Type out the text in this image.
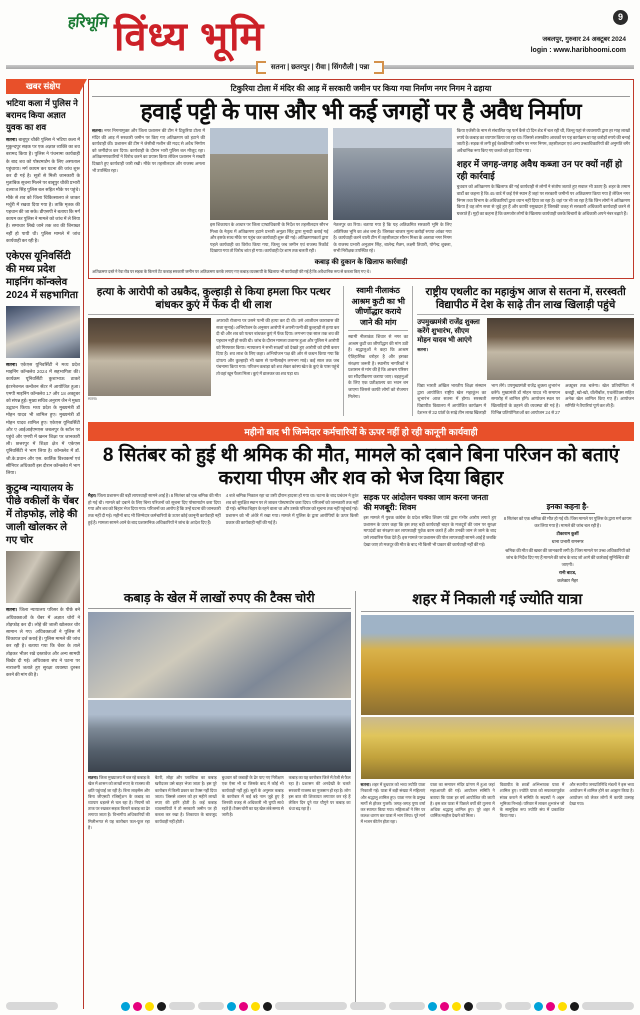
हरिभूमि विंध्य भूमि	9
जबलपुर, गुरुवार 24 अक्टूबर 2024
login : www.haribhoomi.com
सतना | छतरपुर | रीवा | सिंगरौली | पन्ना
खबर संक्षेप
भटिया कला में पुलिस ने बरामद किया अज्ञात युवक का शव
सतना। बाबूपुर चौकी पुलिस ने भटिया कला में मुकुन्दपुर सड़क पर एक अज्ञात व्यक्ति का शव बरामद किया है। पुलिस ने पंचनामा कार्यवाही के बाद शव को पोस्टमार्टम के लिए अस्पताल पहुंचाया। मर्ग कायम कर घटना की जांच शुरू कर दी गई है। सूत्रों से मिली जानकारी के मुताबिक सूचना मिलने पर बाबूपुर चौकी प्रभारी दलराज सिंह पुलिस बल सहित मौके पर पहुंचे। मौके से शव को जिला चिकित्सालय ले जाकर मर्चुरी में रखवा दिया गया है। ताकि मृतक की पहचान की जा सके। डीएसपी ने बताया कि मर्ग कायम कर पुलिस ने मामले को जांच में ले लिया है। समाचार लिखे जाने तक शव की शिनाख्त नहीं हो पायी थी। पुलिस मामले में जांच कार्यवाही कर रही है।
एकेएस यूनिवर्सिटी की मध्य प्रदेश माइनिंग कॉन्क्लेव 2024 में सहभागिता
सतना। एकेएस यूनिवर्सिटी ने मध्य प्रदेश माइनिंग कॉन्क्लेव 2024 में सहभागिता की। कार्यक्रम यूनिवर्सिटी कुशाभाऊ ठाकरे इंटरनेशनल कन्वेंशन सेंटर में आयोजित हुआ। एमपी माइनिंग कॉन्क्लेव 17 और 18 अक्टूबर को संपन्न हुई। मुख्य सचिव अनुराग जैन ने मुख्य उद्घाटन किया। मध्य प्रदेश के मुख्यमंत्री डॉ मोहन यादव भी शामिल हुए। मुख्यमंत्री डॉ मोहन यादव शामिल हुए। एकेएस यूनिवर्सिटी और ए आईआईएमएस जबलपुर के स्टॉल पर पहुंचे और एमपी में खनन शिक्षा पर जानकारी ली। छत्तरपुर में शिक्षा क्षेत्र में एकेएस यूनिवर्सिटी ने भाग लिया है। कॉन्क्लेव में डॉ. जी.के.प्रधान और एस. कार्तिक विश्वकर्मा एवं सीनियर अधिकारी इस दौरान कॉन्क्लेव में भाग लिया।
कुटुम्ब न्यायालय के पीछे वकीलों के चेंबर में तोड़फोड़, लोहे की जाली खोलकर ले गए चोर
सतना। जिला न्यायालय परिसर के पीछे बने अधिवक्ताओं के चेंबर में अज्ञात चोरों ने तोड़फोड़ कर दी। लोहे की जाली खोलकर चोर सामान ले गए। अधिवक्ताओं ने पुलिस में शिकायत दर्ज कराई है। पुलिस मामले की जांच कर रही है। बताया गया कि चेंबर के ताले तोड़कर भीतर रखे दस्तावेज और अन्य सामग्री बिखेर दी गई। अधिवक्ता संघ ने घटना पर नाराजगी जताते हुए सुरक्षा व्यवस्था दुरुस्त करने की मांग की है।
टिकुरिया टोला में मंदिर की आड़ में सरकारी जमीन पर किया गया निर्माण नगर निगम ने ढहाया
हवाई पट्टी के पास और भी कई जगहों पर है अवैध निर्माण
सतना। नगर निगमामुक्त और जिला प्रशासन की टीम ने टिकुरिया टोला में मंदिर की आड़ में सरकारी जमीन पर किए गए अतिक्रमण को हटाने की कार्यवाही की। प्रशासन की टीम ने जेसीबी मशीन की मदद से अवैध निर्माण को जमींदोज कर दिया। कार्यवाही के दौरान भारी पुलिस बल मौजूद रहा। अतिक्रमणकारियों ने विरोध करने का प्रयास किया लेकिन प्रशासन ने सख्ती दिखाते हुए कार्यवाही जारी रखी। मौके पर तहसीलदार और राजस्व अमला भी उपस्थित रहा।
इस शिकायत के आधार पर जिला दण्डाधिकारी के निर्देश पर तहसीलदार सौरभ मिश्रा के नेतृत्व में अतिक्रमण हटाने प्रभारी अनुज्ञा सिंह द्वारा मुनादी कराई गई और इसके साथ मौके पर पहुंच कर कार्यवाही शुरू की गई। अतिक्रमणकर्ता द्वारा पहले कार्यवाही का विरोध किया गया, किन्तु जब जमीन एवं राजस्व रिकॉर्ड दिखाया गया तो विरोध शांत हो गया। कार्यवाही देर शाम तक चलती रही।
नेतलपुर का रिया। बताया गया है कि यह अतिक्रमित सरकारी भूमि के लिए अतिरिक्त भूमि का अंश बना है। जिसका बाजार मूल्य करोड़ों रुपया आंका गया है। कार्यवाही करने वाली टीम में तहसीलदार सौरभ मिश्रा के अलावा नगर निगम के राजस्व प्रभारी अनुज्ञान सिंह, बालेन्द्र मैत्रम, लक्ष्मी तिवारी, योगेन्द्र शुक्ला, सभी निरीक्षक उपस्थित रहे।
किया एजेंसी के नाम से संचालित यह फर्म कैसे दो दिन शेड में चल रही थी, किन्तु यहां से व्यवसायी द्वारा हर माह लाखों रुपये के कबाड़ का व्यापार किया जा रहा था। जिससे शासकीय आवकों पर यह कार्यक्रम था यह करोड़ों रुपये की बनाई जाती है। सड़क से लगी हुई बेशकीमती जमीन पर नगर निगम, तहसीलदार एवं अन्य उच्चाधिकारियों की अनुमति बगैर अवैधानिक रूप किए गए कब्जे को हटा दिया गया।
शहर में जगह-जगह अवैध कब्जा उन पर क्यों नहीं हो रही कार्रवाई
बुधवार को अतिक्रमण के खिलाफ की गई कार्यवाही से लोगों ने संतोष जताते हुए सवाल भी उठाए हैं। शहर के तमाम वार्डों का कहना है कि 45 वार्ड में कई ऐसे स्थान हैं जहां पर सरकारी जमीनों पर अतिक्रमण किया गया है लेकिन नगर निगम तथा विभाग के अधिकारियों द्वारा ध्यान नहीं दिया जा रहा है। वहां पर भी जा रहा है कि जिन लोगों ने अतिक्रमण किया है वह लोग सत्ता से जुड़े हुए हैं और काफी रसूखदार है जिसकी वजह से सरकारी अधिकारी कार्यवाही करने से घबराते हैं। मुद्दों का कहना है कि कमजोर लोगों के खिलाफ कार्यवाही करके बिचारों के अधिकारी अपने नंबर बढ़ाते हैं।
कबाड़ की दुकान के खिलाफ कार्रवाही
अतिक्रमण दस्ते ने रेवा रोड पर सड़क के किनारे टेंट कबाड़ सरकारी जमीन पर अतिक्रमण करके लगाए गए कबाड़ व्यवसायी के खिलाफ भी कार्यवाही की गई है कि अवैधानिक रूप से कब्जा किए गए थे।
हत्या के आरोपी को उम्रकैद, कुल्हाड़ी से किया हमला फिर पत्थर बांधकर कुएं में फेंक दी थी लाश
सतना।
अपराधी रोजाना पर उसने पत्नी की हत्या कर दी थी। उसे आजीवन कारावास की सजा सुनाई। अभियोजन के अनुसार आरोपी ने अपनी पत्नी की कुल्हाड़ी से हत्या कर दी थी और शव को पत्थर बांधकर कुएं में फेंक दिया। लगभग एक साल तक शव की पहचान नहीं हो सकी थी। जांच के दौरान मामला उजागर हुआ और पुलिस ने आरोपी को गिरफ्तार किया। न्यायालय ने सभी साक्ष्यों को देखते हुए आरोपी को दोषी करार दिया है। शव लाश के लिए कहा। अभियोजन पक्ष की ओर से कथन किया गया कि दांपत्य और कुल्हाड़ी भी खास से पत्नीलाईम लगभग माड़े। कई साल तक जब पंचनामा किया गया। परिजन कबाड़ा को शव लेकर कांस्य खेत के कुएं के पास पहुंचे तो वहां खून फैला मिला। कुएं में डालकर का शव पड़ा था।
स्वामी नीलाकंठ आश्रम कुटी का भी जीर्णोद्धार कराये जाने की मांग
स्वामी नीलाकंठ शिवार से नगर का आश्रम कुटी का जीर्णोद्धार की मांग उठी है। श्रद्धालुओं ने कहा कि आश्रम ऐतिहासिक धरोहर है और इसका संरक्षण जरूरी है। स्थानीय नागरिकों ने प्रशासन से मांग की है कि आश्रम परिसर का सौंदर्यीकरण कराया जाए। बड़हनुओं के लिए एक प्रतीक्षालय का भवन बन जाएगा जिससे काफी लोगों को रोजगार मिलेगा।
राष्ट्रीय एथलीट का महाकुंभ आज से सतना में, सरस्वती विद्यापीठ में देश के साढ़े तीन लाख खिलाड़ी पहुंचे
उपमुख्यमंत्री राजेंद्र शुक्ला करेंगे शुभारंभ, सीएम मोहन यादव भी आएंगे
सतना।
विद्या भारती अखिल भारतीय शिक्षा संस्थान द्वारा आयोजित राष्ट्रीय खेल महाकुंभ का शुभारंभ आज सतना में होगा। सरस्वती विद्यापीठ विद्यालय में आयोजित कार्यक्रम में देशभर से 32 प्रांतों के साढ़े तीन लाख खिलाड़ी भाग लेंगे। उपमुख्यमंत्री राजेंद्र शुक्ला शुभारंभ करेंगे। मुख्यमंत्री डॉ मोहन यादव भी समापन समारोह में शामिल होंगे। आयोजन स्थल पर खिलाड़ियों के ठहरने की व्यवस्था की गई है। विभिन्न प्रतियोगिताओं का आयोजन 24 से 27 अक्टूबर तक चलेगा। खेल प्रतियोगिता में कबड्डी, खो-खो, वॉलीबॉल, एथलेटिक्स सहित अनेक खेल शामिल किए गए हैं। आयोजन समिति ने तैयारियां पूर्ण कर ली हैं।
महीनो बाद भी जिम्मेदार कर्मचारियों के ऊपर नहीं हो रही कानूनी कार्यवाही
8 सितंबर को हुई थी श्रमिक की मौत, मामले को दबाने बिना परिजन को बताएं कराया पीएम और शव को भेज दिया बिहार
मैहर। जिला प्रशासन की बड़ी लापरवाही सामने आई है। 8 सितंबर को एक श्रमिक की मौत हो गई थी। मामले को दबाने के लिए बिना परिजनों को सूचना दिए पोस्टमार्टम करा दिया गया और शव को बिहार भेज दिया गया। परिजनों का आरोप है कि उन्हें घटना की जानकारी तक नहीं दी गई। महीनों बाद भी जिम्मेदार कर्मचारियों के ऊपर कोई कानूनी कार्यवाही नहीं हुई है। मामला सामने आने के बाद प्रशासनिक अधिकारियों ने जांच के आदेश दिए हैं।
4 बजे श्रमिक निकाल रहा था उसी दौरान हादसा हो गया था। घटना के बाद प्रबंधन ने तुरंत शव को सुरक्षित स्थान पर ले जाकर पोस्टमार्टम करा दिया। परिजनों को जानकारी तक नहीं दी गई। श्रमिक बिहार के रहने वाला था और उसके परिवार को सूचना तक नहीं पहुंचाई गई। प्रशासन को भी अंधेरे में रखा गया। मामले में पुलिस के द्वारा आरोपियों के ऊपर किसी प्रकार की कार्यवाही नहीं की गई है।
सड़क पर आंदोलन चक्का जाम करना जनता की मजबूरी: शिवम
इस मामले में युवक कांग्रेस के प्रदेश सचिव शिवम पांडे द्वारा गंभीर आरोप लगाते हुए प्रशासन के ऊपर कहा कि इस तरह बड़ी कार्यवाही बाहर के मजदूरों की जान पर सुरक्षा मापदंडों का संरक्षण कर लापरवाही पूर्वक काम करते हैं और उनकी जान ले जाने के बाद उसे लावारिस फेंक देते हैं। इस मामले पर प्रशासन की पोल लापरवाही सामने आई है जबकि देखा जाए तो मजदूर की मौत के बाद भी किसी भी प्रकार की कार्यवाही नहीं की गई।
इनका कहना है-
8 सितंबर को एक श्रमिक की मौत हो गई थी। जिस मामले पर पुलिस के द्वारा मर्ग कायम कर लिया गया है। मामले की जांच चल रही है।
टीकाराम कुशीं
थाना प्रभारी रामनगर
श्रमिक की मौत की खबर की जानकारी लगी है। जिस मामले पर उच्च अधिकारियों को जांच के निर्देश दिए गए हैं मामले की जांच के बाद जो आगे की कार्रवाई सुनिश्चित की जाएगी।
रानी बाटड,
कलेक्टर मैहर
कबाड़ के खेल में लाखों रुपए की टैक्स चोरी
सतना। जिला मुख्यालय में चल रहे कबाड़ के खेल में शासन को लाखों रुपए के राजस्व की क्षति पहुंचाई जा रही है। बिना लाइसेंस और बिना जीएसटी रजिस्ट्रेशन के कबाड़ का व्यापार धड़ल्ले से चल रहा है। नियमों को ताक पर रखकर सड़क किनारे कबाड़ का ढेर लगाया जाता है। विभागीय अधिकारियों की मिलीभगत से यह कारोबार फल-फूल रहा है।
बैटरी, लोहा और प्लास्टिक का कबाड़ खरीदकर उसे बाहर भेजा जाता है। इस पूरे कारोबार में किसी प्रकार का टैक्स नहीं दिया जाता। जिससे शासन को हर महीने लाखों रुपए की हानि होती है। कई कबाड़ व्यवसायियों ने तो सरकारी जमीन पर ही कब्जा कर रखा है। शिकायत के बावजूद कार्यवाही नहीं होती।
बुधवार को कबाड़ी के ढेर पाए गए निरीक्षण एक ऐसा भी था जिसके बाद में कोई भी कार्यवाही नहीं हुई। सूत्रों के अनुसार कबाड़ के कारोबार में कई बड़े नाम जुड़े हुए हैं जिनकी वजह से अधिकारी भी चुप्पी साधे रहते हैं। टैक्स चोरी का यह खेल लंबे समय से जारी है।
कबाड़ का यह कारोबार जिले में तेजी से फैल रहा है। प्रशासन की अनदेखी के चलते सरकारी राजस्व का नुकसान हो रहा है। लोग इस बात की शिकायत लगातार कर रहे हैं लेकिन दिन दूने रात चौगुने पर कबाड़ का धंधा बढ़ रहा है।
शहर में निकाली गई ज्योति यात्रा
सतना। शहर में बुधवार को भव्य ज्योति यात्रा निकाली गई। यात्रा में बड़ी संख्या में महिलाएं और श्रद्धालु शामिल हुए। यात्रा नगर के प्रमुख मार्गों से होकर गुजरी। जगह-जगह पुष्प वर्षा कर स्वागत किया गया। महिलाओं ने सिर पर कलश धारण कर यात्रा में भाग लिया। पूरे मार्ग में भजन कीर्तन होता रहा।
यात्रा का समापन मंदिर प्रांगण में हुआ जहां महाआरती की गई। आयोजन समिति ने बताया कि यात्रा हर वर्ष आयोजित की जाती है। इस बार यात्रा में पिछले वर्षों की तुलना में अधिक श्रद्धालु शामिल हुए। पूरे शहर में धार्मिक माहौल देखने को मिला।
विद्यापीठ के छात्रों अभिभावक यात्रा में शामिल हुए। ज्योति यात्रा को सफलतापूर्वक संपन्न कराने में समिति के सदस्यों ने अहम भूमिका निभाई। परिवार में लाकर शुभारंभ जो के सामूहिक रूप ज्योति संघ में प्रकाशित किया गया।
और स्थानीय जनप्रतिनिधि मंडलों ने इस भव्य आयोजन में शामिल होने का आह्वान किया है। आयोजन को लेकर लोगों में काफी उत्साह देखा गया।
